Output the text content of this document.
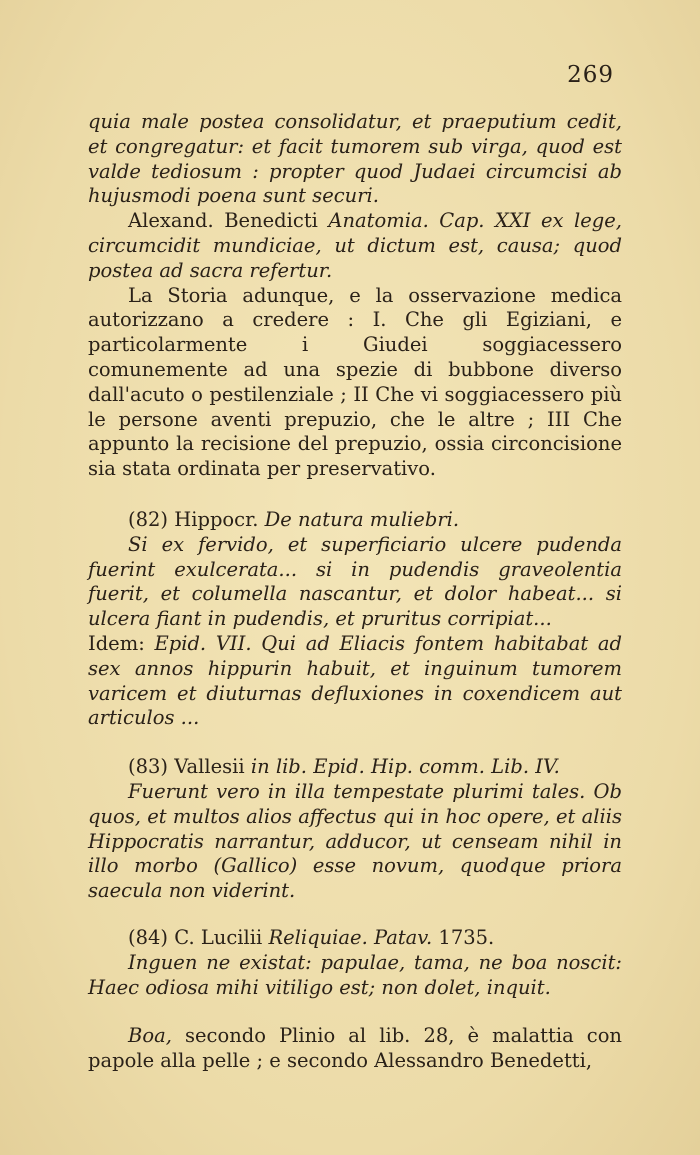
269

quia male postea consolidatur, et praeputium cedit, et congregatur: et facit tumorem sub virga, quod est valde tediosum : propter quod Judaei circumcisi ab hujusmodi poena sunt securi.

Alexand. Benedicti Anatomia. Cap. XXI ex lege, circumcidit mundiciae, ut dictum est, causa; quod postea ad sacra refertur.

La Storia adunque, e la osservazione medica autorizzano a credere : I. Che gli Egiziani, e particolarmente i Giudei soggiacessero comunemente ad una spezie di bubbone diverso dall'acuto o pestilenziale ; II Che vi soggiacessero più le persone aventi prepuzio, che le altre ; III Che appunto la recisione del prepuzio, ossia circoncisione sia stata ordinata per preservativo.

(82) Hippocr. De natura muliebri.

Si ex fervido, et superficiario ulcere pudenda fuerint exulcerata... si in pudendis graveolentia fuerit, et columella nascantur, et dolor habeat... si ulcera fiant in pudendis, et pruritus corripiat...

Idem: Epid. VII. Qui ad Eliacis fontem habitabat ad sex annos hippurin habuit, et inguinum tumorem varicem et diuturnas defluxiones in coxendicem aut articulos ...

(83) Vallesii in lib. Epid. Hip. comm. Lib. IV.

Fuerunt vero in illa tempestate plurimi tales. Ob quos, et multos alios affectus qui in hoc opere, et aliis Hippocratis narrantur, adducor, ut censeam nihil in illo morbo (Gallico) esse novum, quodque priora saecula non viderint.

(84) C. Lucilii Reliquiae. Patav. 1735.

Inguen ne existat: papulae, tama, ne boa noscit: Haec odiosa mihi vitiligo est; non dolet, inquit.

Boa, secondo Plinio al lib. 28, è malattia con papole alla pelle ; e secondo Alessandro Benedetti,
